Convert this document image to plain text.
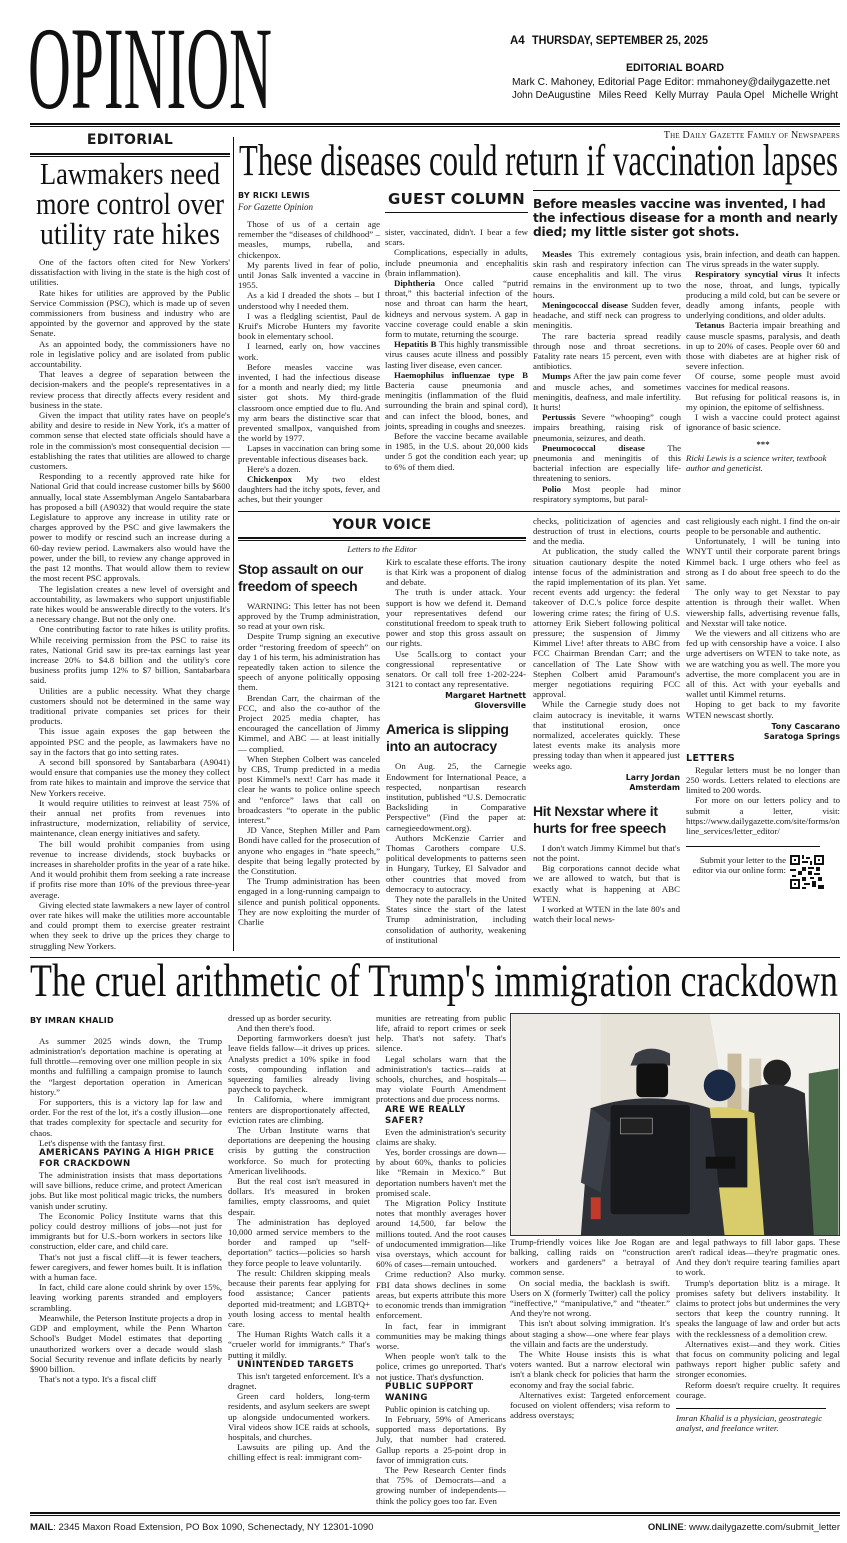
OPINION	A4 THURSDAY, SEPTEMBER 25, 2025
EDITORIAL BOARD
Mark C. Mahoney, Editorial Page Editor: mmahoney@dailygazette.net
John DeAugustine   Miles Reed   Kelly Murray   Paula Opel   Michelle Wright
EDITORIAL
Lawmakers need
more control over
utility rate hikes

One of the factors often cited for New Yorkers' dissatisfaction with living in the state is the high cost of utilities.

Rate hikes for utilities are approved by the Public Service Commission (PSC), which is made up of seven commissioners from business and industry who are appointed by the governor and approved by the state Senate.

As an appointed body, the commissioners have no role in legislative policy and are isolated from public accountability.

That leaves a degree of separation between the decision-makers and the people's representatives in a review process that directly affects every resident and business in the state.

Given the impact that utility rates have on people's ability and desire to reside in New York, it's a matter of common sense that elected state officials should have a role in the commission's most consequential decision — establishing the rates that utilities are allowed to charge customers.

Responding to a recently approved rate hike for National Grid that could increase customer bills by $600 annually, local state Assemblyman Angelo Santabarbara has proposed a bill (A9032) that would require the state Legislature to approve any increase in utility rate or charges approved by the PSC and give lawmakers the power to modify or rescind such an increase during a 60-day review period. Lawmakers also would have the power, under the bill, to review any change approved in the past 12 months. That would allow them to review the most recent PSC approvals.

The legislation creates a new level of oversight and accountability, as lawmakers who support unjustifiable rate hikes would be answerable directly to the voters. It's a necessary change. But not the only one.

One contributing factor to rate hikes is utility profits. While receiving permission from the PSC to raise its rates, National Grid saw its pre-tax earnings last year increase 20% to $4.8 billion and the utility's core business profits jump 12% to $7 billion, Santabarbara said.

Utilities are a public necessity. What they charge customers should not be determined in the same way traditional private companies set prices for their products.

This issue again exposes the gap between the appointed PSC and the people, as lawmakers have no say in the factors that go into setting rates.

A second bill sponsored by Santabarbara (A9041) would ensure that companies use the money they collect from rate hikes to maintain and improve the service that New Yorkers receive.

It would require utilities to reinvest at least 75% of their annual net profits from revenues into infrastructure, modernization, reliability of service, maintenance, clean energy initiatives and safety.

The bill would prohibit companies from using revenue to increase dividends, stock buybacks or increases in shareholder profits in the year of a rate hike. And it would prohibit them from seeking a rate increase if profits rise more than 10% of the previous three-year average.

Giving elected state lawmakers a new layer of control over rate hikes will make the utilities more accountable and could prompt them to exercise greater restraint when they seek to drive up the prices they charge to struggling New Yorkers.

The Daily Gazette Family of Newspapers
These diseases could return if vaccination lapses
BY RICKI LEWIS
For Gazette Opinion

Those of us of a certain age remember the “diseases of childhood” – measles, mumps, rubella, and chickenpox.

My parents lived in fear of polio, until Jonas Salk invented a vaccine in 1955.

As a kid I dreaded the shots – but I understood why I needed them.

I was a fledgling scientist, Paul de Kruif's Microbe Hunters my favorite book in elementary school.

I learned, early on, how vaccines work.

Before measles vaccine was invented, I had the infectious disease for a month and nearly died; my little sister got shots. My third-grade classroom once emptied due to flu. And my arm bears the distinctive scar that prevented smallpox, vanquished from the world by 1977.

Lapses in vaccination can bring some preventable infectious diseases back.

Here's a dozen.

Chickenpox My two eldest daughters had the itchy spots, fever, and aches, but their younger

GUEST COLUMN

sister, vaccinated, didn't. I bear a few scars.

Complications, especially in adults, include pneumonia and encephalitis (brain inflammation).

Diphtheria Once called “putrid throat,” this bacterial infection of the nose and throat can harm the heart, kidneys and nervous system. A gap in vaccine coverage could enable a skin form to mutate, returning the scourge.

Hepatitis B This highly transmissible virus causes acute illness and possibly lasting liver disease, even cancer.

Haemophilus influenzae type B Bacteria cause pneumonia and meningitis (inflammation of the fluid surrounding the brain and spinal cord), and can infect the blood, bones, and joints, spreading in coughs and sneezes.

Before the vaccine became available in 1985, in the U.S. about 20,000 kids under 5 got the condition each year; up to 6% of them died.

Before measles vaccine was invented, I had the infectious disease for a month and nearly died; my little sister got shots.

Measles This extremely contagious skin rash and respiratory infection can cause encephalitis and kill. The virus remains in the environment up to two hours.

Meningococcal disease Sudden fever, headache, and stiff neck can progress to meningitis.

The rare bacteria spread readily through nose and throat secretions. Fatality rate nears 15 percent, even with antibiotics.

Mumps After the jaw pain come fever and muscle aches, and sometimes meningitis, deafness, and male infertility. It hurts!

Pertussis Severe “whooping” cough impairs breathing, raising risk of pneumonia, seizures, and death.

Pneumococcal disease The pneumonia and meningitis of this bacterial infection are especially life-threatening to seniors.

Polio Most people had minor respiratory symptoms, but paral-

ysis, brain infection, and death can happen. The virus spreads in the water supply.

Respiratory syncytial virus It infects the nose, throat, and lungs, typically producing a mild cold, but can be severe or deadly among infants, people with underlying conditions, and older adults.

Tetanus Bacteria impair breathing and cause muscle spasms, paralysis, and death in up to 20% of cases. People over 60 and those with diabetes are at higher risk of severe infection.

Of course, some people must avoid vaccines for medical reasons.

But refusing for political reasons is, in my opinion, the epitome of selfishness.

I wish a vaccine could protect against ignorance of basic science.

***

Ricki Lewis is a science writer, textbook author and geneticist.

YOUR VOICE
Letters to the Editor
Stop assault on our freedom of speech

WARNING: This letter has not been approved by the Trump administration, so read at your own risk.

Despite Trump signing an executive order “restoring freedom of speech” on day 1 of his term, his administration has repeatedly taken action to silence the speech of anyone politically opposing them.

Brendan Carr, the chairman of the FCC, and also the co-author of the Project 2025 media chapter, has encouraged the cancellation of Jimmy Kimmel, and ABC — at least initially — complied.

When Stephen Colbert was canceled by CBS, Trump predicted in a media post Kimmel's next! Carr has made it clear he wants to police online speech and “enforce” laws that call on broadcasters “to operate in the public interest.”

JD Vance, Stephen Miller and Pam Bondi have called for the prosecution of anyone who engages in “hate speech,” despite that being legally protected by the Constitution.

The Trump administration has been engaged in a long-running campaign to silence and punish political opponents. They are now exploiting the murder of Charlie

Kirk to escalate these efforts. The irony is that Kirk was a proponent of dialog and debate.

The truth is under attack. Your support is how we defend it. Demand your representatives defend our constitutional freedom to speak truth to power and stop this gross assault on our rights.

Use 5calls.org to contact your congressional representative or senators. Or call toll free 1-202-224-3121 to contact any representative.

Margaret Hartnett
Gloversville
America is slipping into an autocracy

On Aug. 25, the Carnegie Endowment for International Peace, a respected, nonpartisan research institution, published “U.S. Democratic Backsliding in Comparative Perspective” (Find the paper at: carnegieedowment.org).

Authors McKenzie Carrier and Thomas Carothers compare U.S. political developments to patterns seen in Hungary, Turkey, El Salvador and other countries that moved from democracy to autocracy.

They note the parallels in the United States since the start of the latest Trump administration, including consolidation of authority, weakening of institutional

checks, politicization of agencies and destruction of trust in elections, courts and the media.

At publication, the study called the situation cautionary despite the noted intense focus of the administration and the rapid implementation of its plan. Yet recent events add urgency: the federal takeover of D.C.'s police force despite lowering crime rates; the firing of U.S. attorney Erik Siebert following political pressure; the suspension of Jimmy Kimmel Live! after threats to ABC from FCC Chairman Brendan Carr; and the cancellation of The Late Show with Stephen Colbert amid Paramount's merger negotiations requiring FCC approval.

While the Carnegie study does not claim autocracy is inevitable, it warns that institutional erosion, once normalized, accelerates quickly. These latest events make its analysis more pressing today than when it appeared just weeks ago.

Larry Jordan
Amsterdam
Hit Nexstar where it hurts for free speech

I don't watch Jimmy Kimmel but that's not the point.

Big corporations cannot decide what we are allowed to watch, but that is exactly what is happening at ABC WTEN.

I worked at WTEN in the late 80's and watch their local news-

cast religiously each night. I find the on-air people to be personable and authentic.

Unfortunately, I will be tuning into WNYT until their corporate parent brings Kimmel back. I urge others who feel as strong as I do about free speech to do the same.

The only way to get Nexstar to pay attention is through their wallet. When viewership falls, advertising revenue falls, and Nexstar will take notice.

We the viewers and all citizens who are fed up with censorship have a voice. I also urge advertisers on WTEN to take note, as we are watching you as well. The more you advertise, the more complacent you are in all of this. Act with your eyeballs and wallet until Kimmel returns.

Hoping to get back to my favorite WTEN newscast shortly.

Tony Cascarano
Saratoga Springs
LETTERS

Regular letters must be no longer than 250 words. Letters related to elections are limited to 200 words.

For more on our letters policy and to submit a letter, visit: https://www.dailygazette.com/site/forms/online_services/letter_editor/

Submit your letter to the editor via our online form:
The cruel arithmetic of Trump's immigration crackdown
BY IMRAN KHALID

As summer 2025 winds down, the Trump administration's deportation machine is operating at full throttle—removing over one million people in six months and fulfilling a campaign promise to launch the “largest deportation operation in American history.”

For supporters, this is a victory lap for law and order. For the rest of the lot, it's a costly illusion—one that trades complexity for spectacle and security for chaos.

Let's dispense with the fantasy first.

AMERICANS PAYING A HIGH PRICE FOR CRACKDOWN

The administration insists that mass deportations will save billions, reduce crime, and protect American jobs. But like most political magic tricks, the numbers vanish under scrutiny.

The Economic Policy Institute warns that this policy could destroy millions of jobs—not just for immigrants but for U.S.-born workers in sectors like construction, elder care, and child care.

That's not just a fiscal cliff—it is fewer teachers, fewer caregivers, and fewer homes built. It is inflation with a human face.

In fact, child care alone could shrink by over 15%, leaving working parents stranded and employers scrambling.

Meanwhile, the Peterson Institute projects a drop in GDP and employment, while the Penn Wharton School's Budget Model estimates that deporting unauthorized workers over a decade would slash Social Security revenue and inflate deficits by nearly $900 billion.

That's not a typo. It's a fiscal cliff

dressed up as border security.

And then there's food.

Deporting farmworkers doesn't just leave fields fallow—it drives up prices. Analysts predict a 10% spike in food costs, compounding inflation and squeezing families already living paycheck to paycheck.

In California, where immigrant renters are disproportionately affected, eviction rates are climbing.

The Urban Institute warns that deportations are deepening the housing crisis by gutting the construction workforce. So much for protecting American livelihoods.

But the real cost isn't measured in dollars. It's measured in broken families, empty classrooms, and quiet despair.

The administration has deployed 10,000 armed service members to the border and ramped up “self-deportation” tactics—policies so harsh they force people to leave voluntarily.

The result: Children skipping meals because their parents fear applying for food assistance; Cancer patients deported mid-treatment; and LGBTQ+ youth losing access to mental health care.

The Human Rights Watch calls it a “crueler world for immigrants.” That's putting it mildly.

UNINTENDED TARGETS

This isn't targeted enforcement. It's a dragnet.

Green card holders, long-term residents, and asylum seekers are swept up alongside undocumented workers. Viral videos show ICE raids at schools, hospitals, and churches.

Lawsuits are piling up. And the chilling effect is real: immigrant com-

munities are retreating from public life, afraid to report crimes or seek help. That's not safety. That's silence.

Legal scholars warn that the administration's tactics—raids at schools, churches, and hospitals—may violate Fourth Amendment protections and due process norms.

ARE WE REALLY SAFER?

Even the administration's security claims are shaky.

Yes, border crossings are down—by about 60%, thanks to policies like “Remain in Mexico.” But deportation numbers haven't met the promised scale.

The Migration Policy Institute notes that monthly averages hover around 14,500, far below the millions touted. And the root causes of undocumented immigration—like visa overstays, which account for 60% of cases—remain untouched.

Crime reduction? Also murky. FBI data shows declines in some areas, but experts attribute this more to economic trends than immigration enforcement.

In fact, fear in immigrant communities may be making things worse.

When people won't talk to the police, crimes go unreported. That's not justice. That's dysfunction.

PUBLIC SUPPORT WANING

Public opinion is catching up.

In February, 59% of Americans supported mass deportations. By July, that number had cratered. Gallup reports a 25-point drop in favor of immigration cuts.

The Pew Research Center finds that 75% of Democrats—and a growing number of independents—think the policy goes too far. Even

Trump-friendly voices like Joe Rogan are balking, calling raids on “construction workers and gardeners” a betrayal of common sense.

On social media, the backlash is swift. Users on X (formerly Twitter) call the policy “ineffective,” “manipulative,” and “theater.” And they're not wrong.

This isn't about solving immigration. It's about staging a show—one where fear plays the villain and facts are the understudy.

The White House insists this is what voters wanted. But a narrow electoral win isn't a blank check for policies that harm the economy and fray the social fabric.

Alternatives exist: Targeted enforcement focused on violent offenders; visa reform to address overstays;

and legal pathways to fill labor gaps. These aren't radical ideas—they're pragmatic ones. And they don't require tearing families apart to work.

Trump's deportation blitz is a mirage. It promises safety but delivers instability. It claims to protect jobs but undermines the very sectors that keep the country running. It speaks the language of law and order but acts with the recklessness of a demolition crew.

Alternatives exist—and they work. Cities that focus on community policing and legal pathways report higher public safety and stronger economies.

Reform doesn't require cruelty. It requires courage.

Imran Khalid is a physician, geostrategic analyst, and freelance writer.
MAIL: 2345 Maxon Road Extension, PO Box 1090, Schenectady, NY 12301-1090	ONLINE: www.dailygazette.com/submit_letter
